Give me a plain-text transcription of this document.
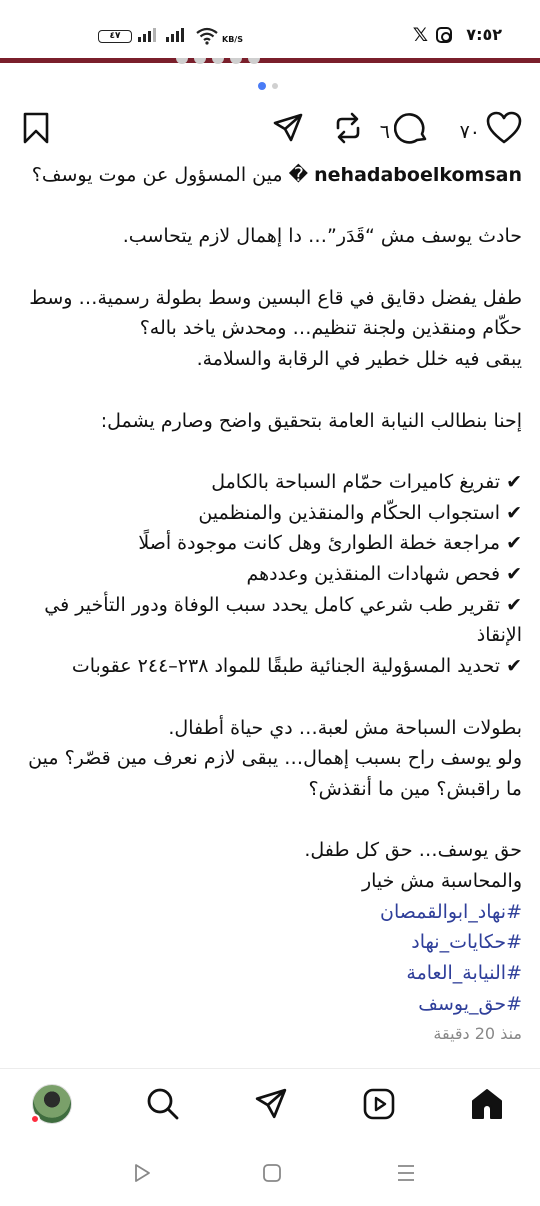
٧:٥٢
𝕏
٤٧	KB/S
٧٠
٦
nehadaboelkomsan � مين المسؤول عن موت يوسف؟
حادث يوسف مش “قَدَر”… دا إهمال لازم يتحاسب.
طفل يفضل دقايق في قاع البسين وسط بطولة رسمية… وسط
حكّام ومنقذين ولجنة تنظيم… ومحدش ياخد باله؟
يبقى فيه خلل خطير في الرقابة والسلامة.
إحنا بنطالب النيابة العامة بتحقيق واضح وصارم يشمل:
✔ تفريغ كاميرات حمّام السباحة بالكامل
✔ استجواب الحكّام والمنقذين والمنظمين
✔ مراجعة خطة الطوارئ وهل كانت موجودة أصلًا
✔ فحص شهادات المنقذين وعددهم
✔ تقرير طب شرعي كامل يحدد سبب الوفاة ودور التأخير في
الإنقاذ
✔ تحديد المسؤولية الجنائية طبقًا للمواد ٢٣٨–٢٤٤ عقوبات
بطولات السباحة مش لعبة… دي حياة أطفال.
ولو يوسف راح بسبب إهمال… يبقى لازم نعرف مين قصّر؟ مين
ما راقبش؟ مين ما أنقذش؟
حق يوسف… حق كل طفل.
والمحاسبة مش خيار
#نهاد_ابوالقمصان
#حكايات_نهاد
#النيابة_العامة
#حق_يوسف
منذ 20 دقيقة
